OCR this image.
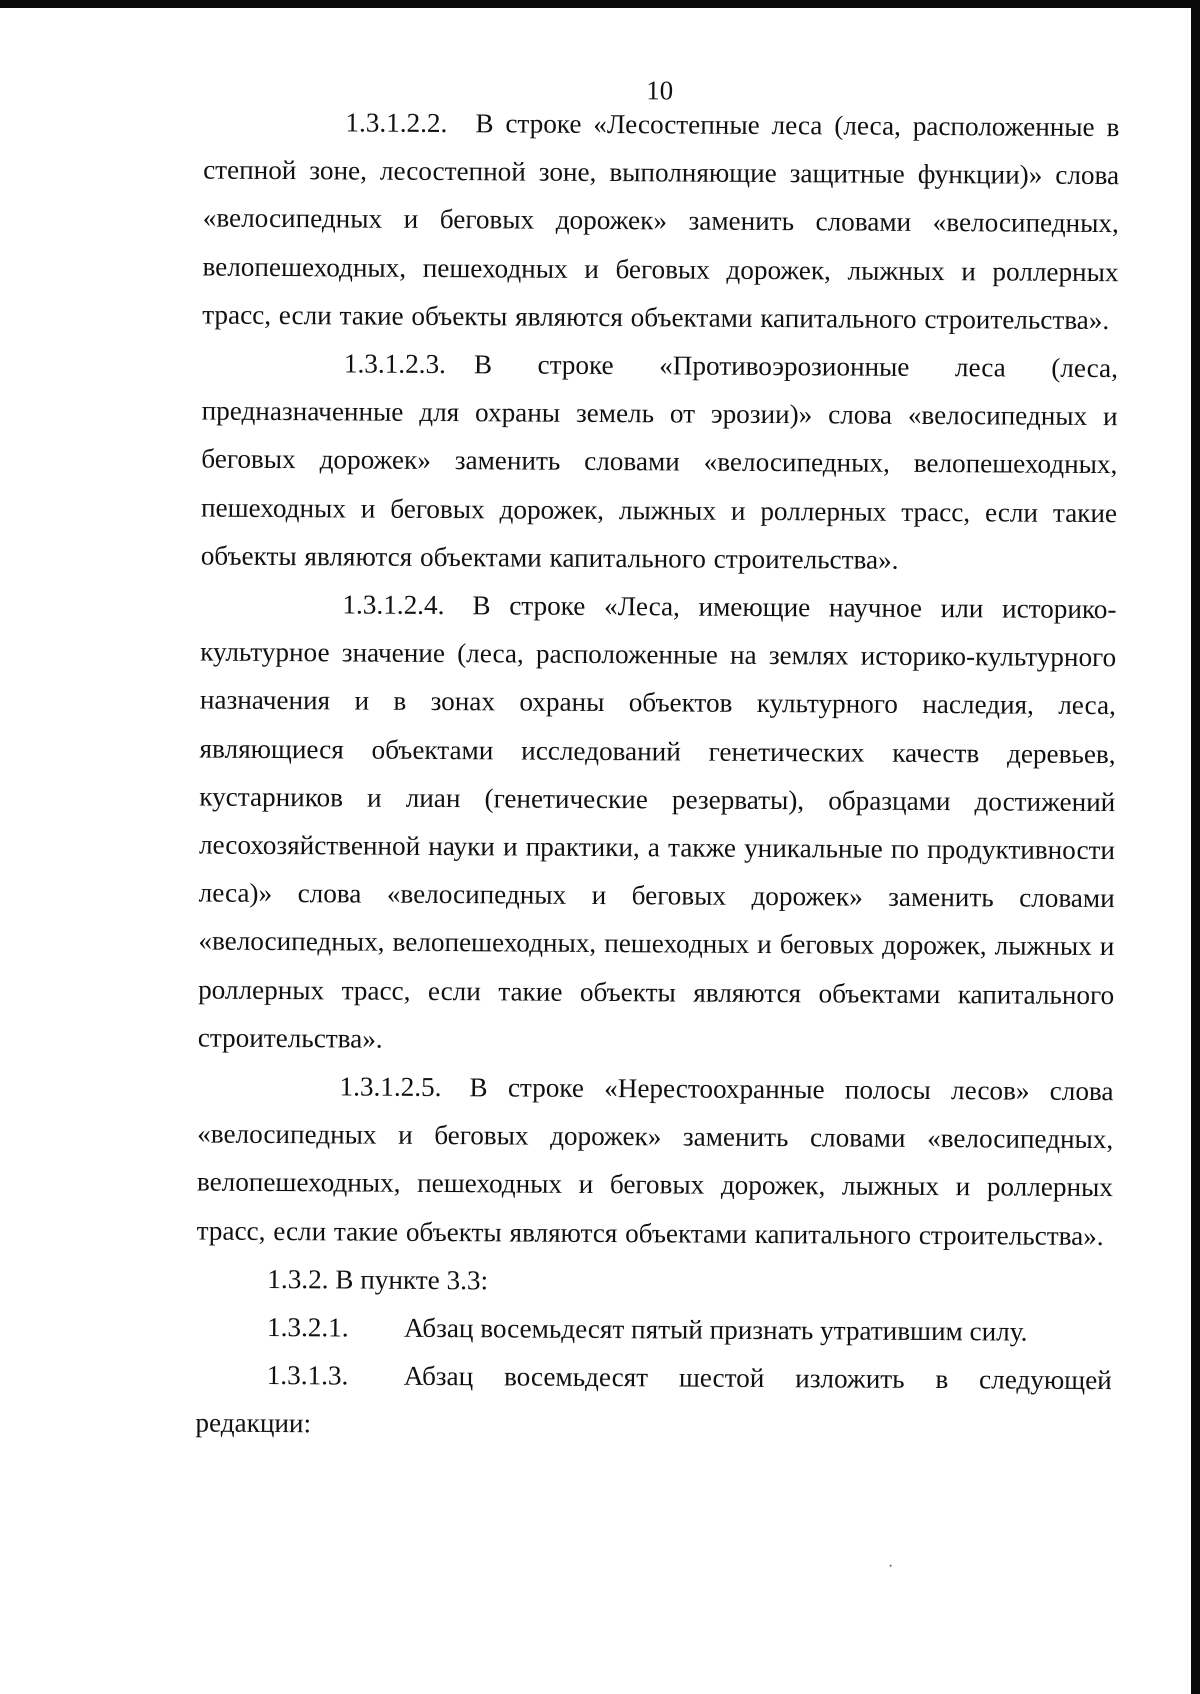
10

1.3.1.2.2. В строке «Лесостепные леса (леса, расположенные в степной зоне, лесостепной зоне, выполняющие защитные функции)» слова «велосипедных и беговых дорожек» заменить словами «велосипедных, велопешеходных, пешеходных и беговых дорожек, лыжных и роллерных трасс, если такие объекты являются объектами капитального строительства».

1.3.1.2.3. В строке «Противоэрозионные леса (леса, предназначенные для охраны земель от эрозии)» слова «велосипедных и беговых дорожек» заменить словами «велосипедных, велопешеходных, пешеходных и беговых дорожек, лыжных и роллерных трасс, если такие объекты являются объектами капитального строительства».

1.3.1.2.4. В строке «Леса, имеющие научное или историко-культурное значение (леса, расположенные на землях историко-культурного назначения и в зонах охраны объектов культурного наследия, леса, являющиеся объектами исследований генетических качеств деревьев, кустарников и лиан (генетические резерваты), образцами достижений лесохозяйственной науки и практики, а также уникальные по продуктивности леса)» слова «велосипедных и беговых дорожек» заменить словами «велосипедных, велопешеходных, пешеходных и беговых дорожек, лыжных и роллерных трасс, если такие объекты являются объектами капитального строительства».

1.3.1.2.5. В строке «Нерестоохранные полосы лесов» слова «велосипедных и беговых дорожек» заменить словами «велосипедных, велопешеходных, пешеходных и беговых дорожек, лыжных и роллерных трасс, если такие объекты являются объектами капитального строительства».

1.3.2. В пункте 3.3:

1.3.2.1.	Абзац восемьдесят пятый признать утратившим силу.

1.3.1.3.	Абзац восемьдесят шестой изложить в следующей

редакции:
